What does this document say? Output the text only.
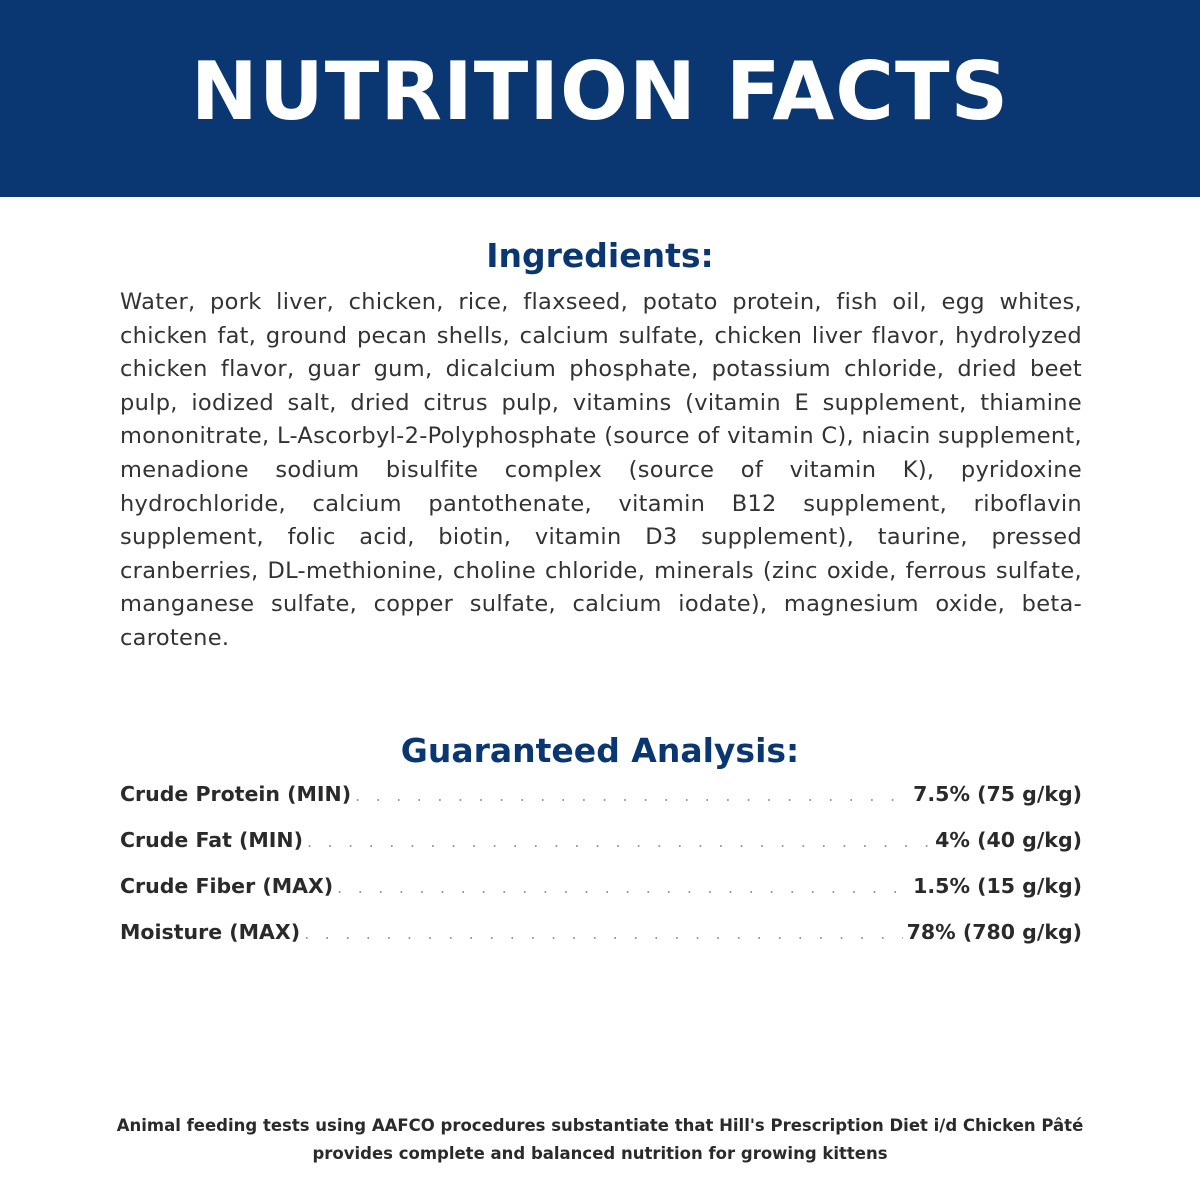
NUTRITION FACTS
Ingredients:

Water, pork liver, chicken, rice, flaxseed, potato protein, fish oil, egg whites, chicken fat, ground pecan shells, calcium sulfate, chicken liver flavor, hydrolyzed chicken flavor, guar gum, dicalcium phosphate, potassium chloride, dried beet pulp, iodized salt, dried citrus pulp, vitamins (vitamin E supplement, thiamine mononitrate, L-Ascorbyl-2-Polyphosphate (source of vitamin C), niacin supplement, menadione sodium bisulfite complex (source of vitamin K), pyridoxine hydrochloride, calcium pantothenate, vitamin B12 supplement, riboflavin supplement, folic acid, biotin, vitamin D3 supplement), taurine, pressed cranberries, DL-methionine, choline chloride, minerals (zinc oxide, ferrous sulfate, manganese sulfate, copper sulfate, calcium iodate), magnesium oxide, beta-carotene.

Guaranteed Analysis:
Crude Protein (MIN) . . .	7.5% (75 g/kg)
Crude Fat (MIN) . . .	4% (40 g/kg)
Crude Fiber (MAX) . . .	1.5% (15 g/kg)
Moisture (MAX) . . .	78% (780 g/kg)
Animal feeding tests using AAFCO procedures substantiate that Hill's Prescription Diet i/d Chicken Pâté
provides complete and balanced nutrition for growing kittens
